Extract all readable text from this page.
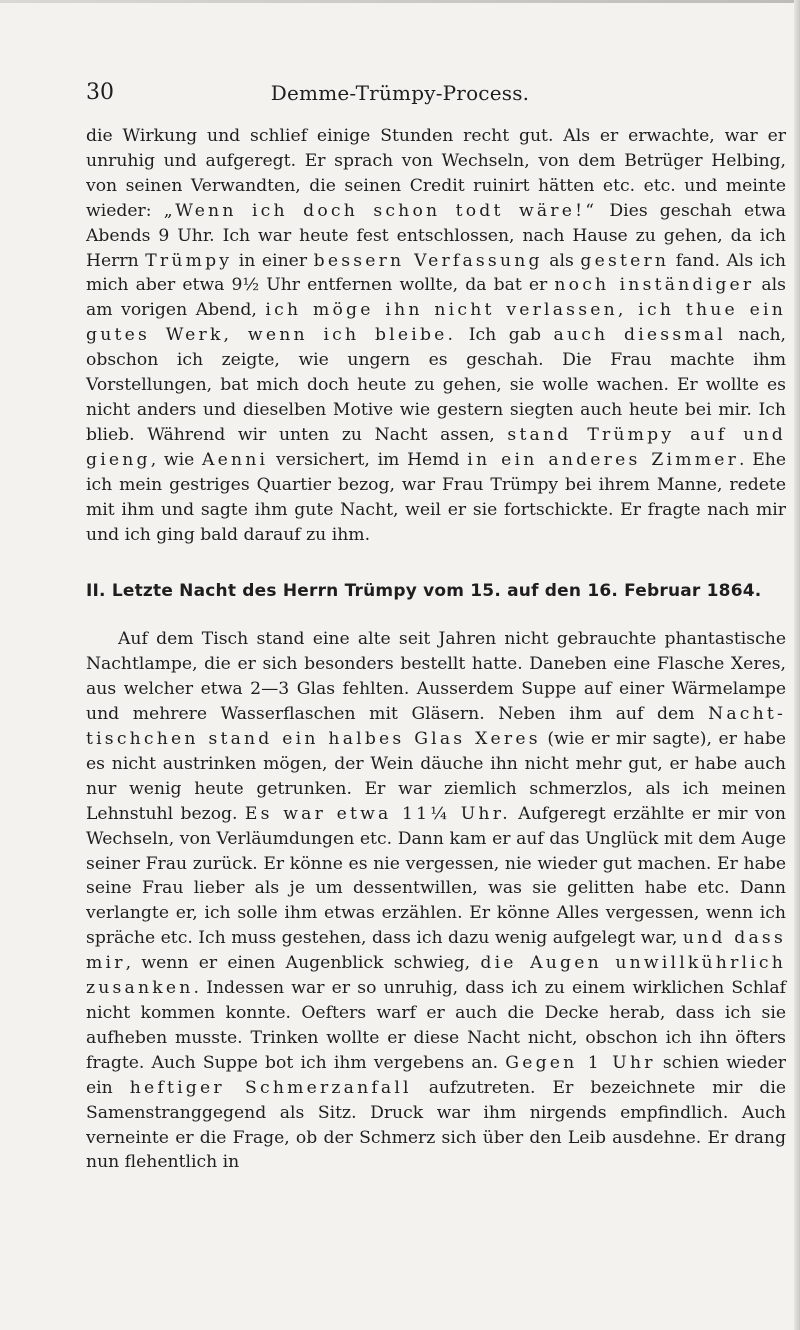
30	Demme-Trümpy-Process.

die Wirkung und schlief einige Stunden recht gut. Als er erwachte, war er unruhig und aufgeregt. Er sprach von Wechseln, von dem Betrüger Helbing, von seinen Verwandten, die seinen Credit ruinirt hätten etc. etc. und meinte wieder: „Wenn ich doch schon todt wäre!“ Dies geschah etwa Abends 9 Uhr. Ich war heute fest entschlossen, nach Hause zu gehen, da ich Herrn Trümpy in einer bessern Verfassung als gestern fand. Als ich mich aber etwa 9½ Uhr entfernen wollte, da bat er noch inständiger als am vorigen Abend, ich möge ihn nicht verlassen, ich thue ein gutes Werk, wenn ich bleibe. Ich gab auch diessmal nach, obschon ich zeigte, wie ungern es geschah. Die Frau machte ihm Vorstellungen, bat mich doch heute zu gehen, sie wolle wachen. Er wollte es nicht anders und dieselben Motive wie gestern siegten auch heute bei mir. Ich blieb. Während wir unten zu Nacht assen, stand Trümpy auf und gieng, wie Aenni versichert, im Hemd in ein anderes Zimmer. Ehe ich mein gestriges Quartier bezog, war Frau Trümpy bei ihrem Manne, redete mit ihm und sagte ihm gute Nacht, weil er sie fortschickte. Er fragte nach mir und ich ging bald darauf zu ihm.

II. Letzte Nacht des Herrn Trümpy vom 15. auf den 16. Februar 1864.

Auf dem Tisch stand eine alte seit Jahren nicht gebrauchte phantastische Nachtlampe, die er sich besonders bestellt hatte. Daneben eine Flasche Xeres, aus welcher etwa 2—3 Glas fehlten. Ausserdem Suppe auf einer Wärmelampe und mehrere Wasserflaschen mit Gläsern. Neben ihm auf dem Nacht-tischchen stand ein halbes Glas Xeres (wie er mir sagte), er habe es nicht austrinken mögen, der Wein däuche ihn nicht mehr gut, er habe auch nur wenig heute getrunken. Er war ziemlich schmerzlos, als ich meinen Lehnstuhl bezog. Es war etwa 11¼ Uhr. Aufgeregt erzählte er mir von Wechseln, von Verläumdungen etc. Dann kam er auf das Unglück mit dem Auge seiner Frau zurück. Er könne es nie vergessen, nie wieder gut machen. Er habe seine Frau lieber als je um dessentwillen, was sie gelitten habe etc. Dann verlangte er, ich solle ihm etwas erzählen. Er könne Alles vergessen, wenn ich spräche etc. Ich muss gestehen, dass ich dazu wenig aufgelegt war, und dass mir, wenn er einen Augenblick schwieg, die Augen unwillkührlich zusanken. Indessen war er so unruhig, dass ich zu einem wirklichen Schlaf nicht kommen konnte. Oefters warf er auch die Decke herab, dass ich sie aufheben musste. Trinken wollte er diese Nacht nicht, obschon ich ihn öfters fragte. Auch Suppe bot ich ihm vergebens an. Gegen 1 Uhr schien wieder ein heftiger Schmerzanfall aufzutreten. Er bezeichnete mir die Samenstranggegend als Sitz. Druck war ihm nirgends empfindlich. Auch verneinte er die Frage, ob der Schmerz sich über den Leib ausdehne. Er drang nun flehentlich in
